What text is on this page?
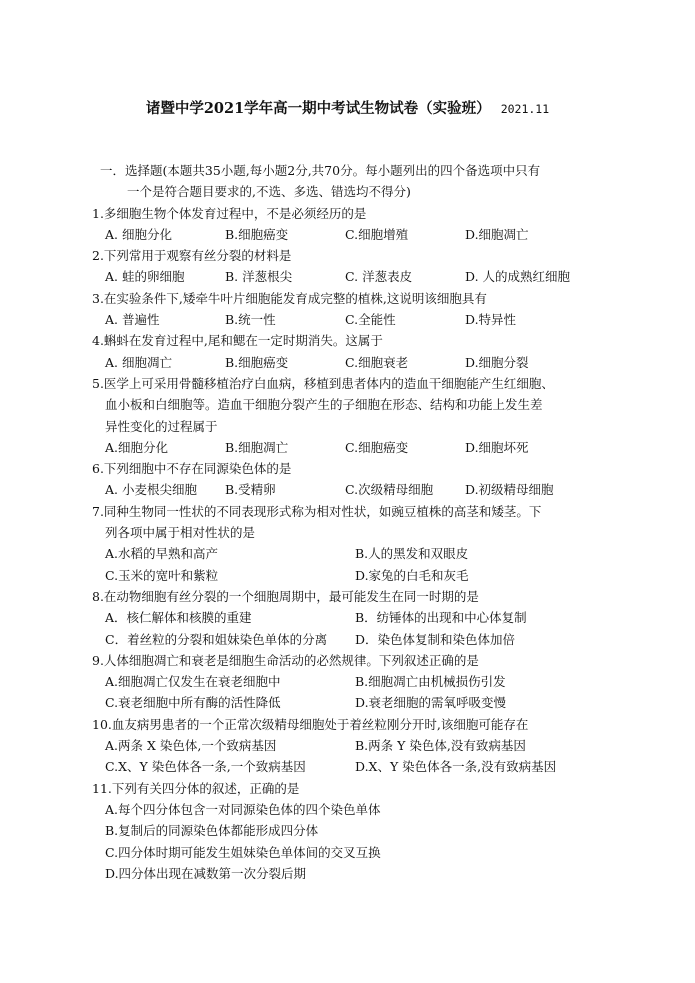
诸暨中学2021学年高一期中考试生物试卷（实验班） 2021.11
一．选择题(本题共35小题,每小题2分,共70分。每小题列出的四个备选项中只有
一个是符合题目要求的,不选、多选、错选均不得分)
1.多细胞生物个体发育过程中，不是必须经历的是
A. 细胞分化	B.细胞癌变	C.细胞增殖	D.细胞凋亡
2.下列常用于观察有丝分裂的材料是
A. 蛙的卵细胞	B. 洋葱根尖	C. 洋葱表皮	D. 人的成熟红细胞
3.在实验条件下,矮牵牛叶片细胞能发育成完整的植株,这说明该细胞具有
A. 普遍性	B.统一性	C.全能性	D.特异性
4.蝌蚪在发育过程中,尾和鳃在一定时期消失。这属于
A. 细胞凋亡	B.细胞癌变	C.细胞衰老	D.细胞分裂
5.医学上可采用骨髓移植治疗白血病，移植到患者体内的造血干细胞能产生红细胞、
血小板和白细胞等。造血干细胞分裂产生的子细胞在形态、结构和功能上发生差
异性变化的过程属于
A.细胞分化	B.细胞凋亡	C.细胞癌变	D.细胞坏死
6.下列细胞中不存在同源染色体的是
A. 小麦根尖细胞 B.受精卵	C.次级精母细胞	D.初级精母细胞
7.同种生物同一性状的不同表现形式称为相对性状，如豌豆植株的高茎和矮茎。下
列各项中属于相对性状的是
A.水稻的早熟和高产	B.人的黑发和双眼皮
C.玉米的宽叶和紫粒	D.家兔的白毛和灰毛
8.在动物细胞有丝分裂的一个细胞周期中，最可能发生在同一时期的是
A．核仁解体和核膜的重建	B．纺锤体的出现和中心体复制
C．着丝粒的分裂和姐妹染色单体的分离 D．染色体复制和染色体加倍
9.人体细胞凋亡和衰老是细胞生命活动的必然规律。下列叙述正确的是
A.细胞凋亡仅发生在衰老细胞中	B.细胞凋亡由机械损伤引发
C.衰老细胞中所有酶的活性降低	D.衰老细胞的需氧呼吸变慢
10.血友病男患者的一个正常次级精母细胞处于着丝粒刚分开时,该细胞可能存在
A.两条 X 染色体,一个致病基因	B.两条 Y 染色体,没有致病基因
C.X、Y 染色体各一条,一个致病基因	D.X、Y 染色体各一条,没有致病基因
11.下列有关四分体的叙述，正确的是
A.每个四分体包含一对同源染色体的四个染色单体
B.复制后的同源染色体都能形成四分体
C.四分体时期可能发生姐妹染色单体间的交叉互换
D.四分体出现在减数第一次分裂后期
